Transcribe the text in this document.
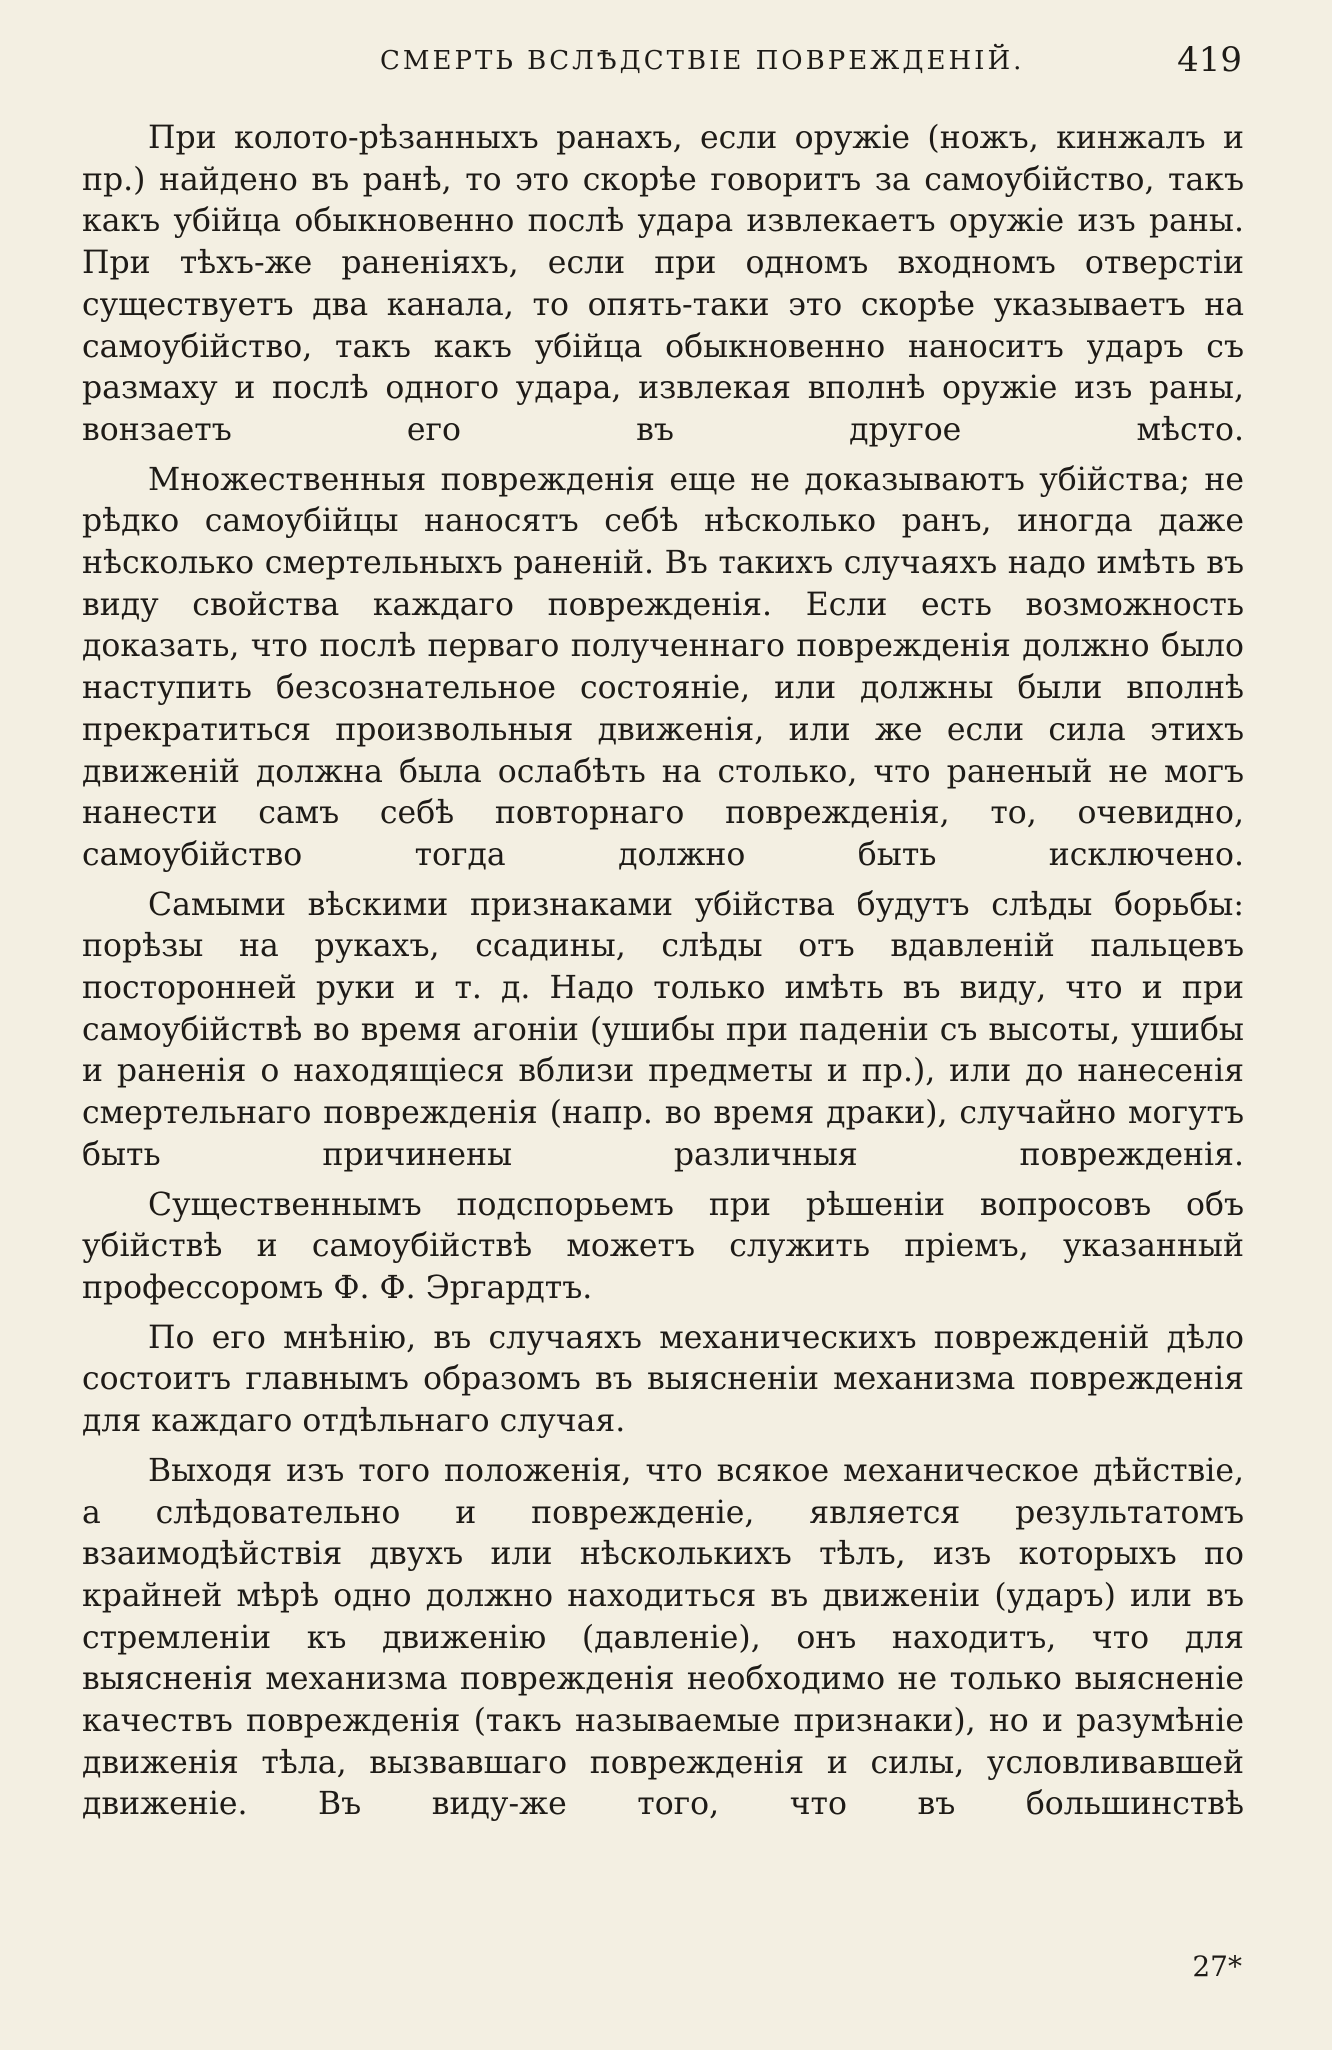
СМЕРТЬ ВСЛѢДСТВІЕ ПОВРЕЖДЕНІЙ.	419

При колото-рѣзанныхъ ранахъ, если оружіе (ножъ, кинжалъ и пр.) найдено въ ранѣ, то это скорѣе говоритъ за самоубійство, такъ какъ убійца обыкновенно послѣ удара извлекаетъ оружіе изъ раны. При тѣхъ-же раненіяхъ, если при одномъ входномъ отверстіи существуетъ два канала, то опять-таки это скорѣе указываетъ на самоубійство, такъ какъ убійца обыкновенно наноситъ ударъ съ размаху и послѣ одного удара, извлекая вполнѣ оружіе изъ раны, вонзаетъ его въ другое мѣсто.

Множественныя поврежденія еще не доказываютъ убійства; не рѣдко самоубійцы наносятъ себѣ нѣсколько ранъ, иногда даже нѣсколько смертельныхъ раненій. Въ такихъ случаяхъ надо имѣть въ виду свойства каждаго поврежденія. Если есть возможность доказать, что послѣ перваго полученнаго поврежденія должно было наступить безсознательное состояніе, или должны были вполнѣ прекратиться произвольныя движенія, или же если сила этихъ движеній должна была ослабѣть на столько, что раненый не могъ нанести самъ себѣ повторнаго поврежденія, то, очевидно, самоубійство тогда должно быть исключено.

Самыми вѣскими признаками убійства будутъ слѣды борьбы: порѣзы на рукахъ, ссадины, слѣды отъ вдавленій пальцевъ посторонней руки и т. д. Надо только имѣть въ виду, что и при самоубійствѣ во время агоніи (ушибы при паденіи съ высоты, ушибы и раненія о находящіеся вблизи предметы и пр.), или до нанесенія смертельнаго поврежденія (напр. во время драки), случайно могутъ быть причинены различныя поврежденія.

Существеннымъ подспорьемъ при рѣшеніи вопросовъ объ убійствѣ и самоубійствѣ можетъ служить пріемъ, указанный профессоромъ Ф. Ф. Эргардтъ.

По его мнѣнію, въ случаяхъ механическихъ поврежденій дѣло состоитъ главнымъ образомъ въ выясненіи механизма поврежденія для каждаго отдѣльнаго случая.

Выходя изъ того положенія, что всякое механическое дѣйствіе, а слѣдовательно и поврежденіе, является результатомъ взаимодѣйствія двухъ или нѣсколькихъ тѣлъ, изъ которыхъ по крайней мѣрѣ одно должно находиться въ движеніи (ударъ) или въ стремленіи къ движенію (давленіе), онъ находитъ, что для выясненія механизма поврежденія необходимо не только выясненіе качествъ поврежденія (такъ называемые признаки), но и разумѣніе движенія тѣла, вызвавшаго поврежденія и силы, условливавшей движеніе. Въ виду-же того, что въ большинствѣ

27*
